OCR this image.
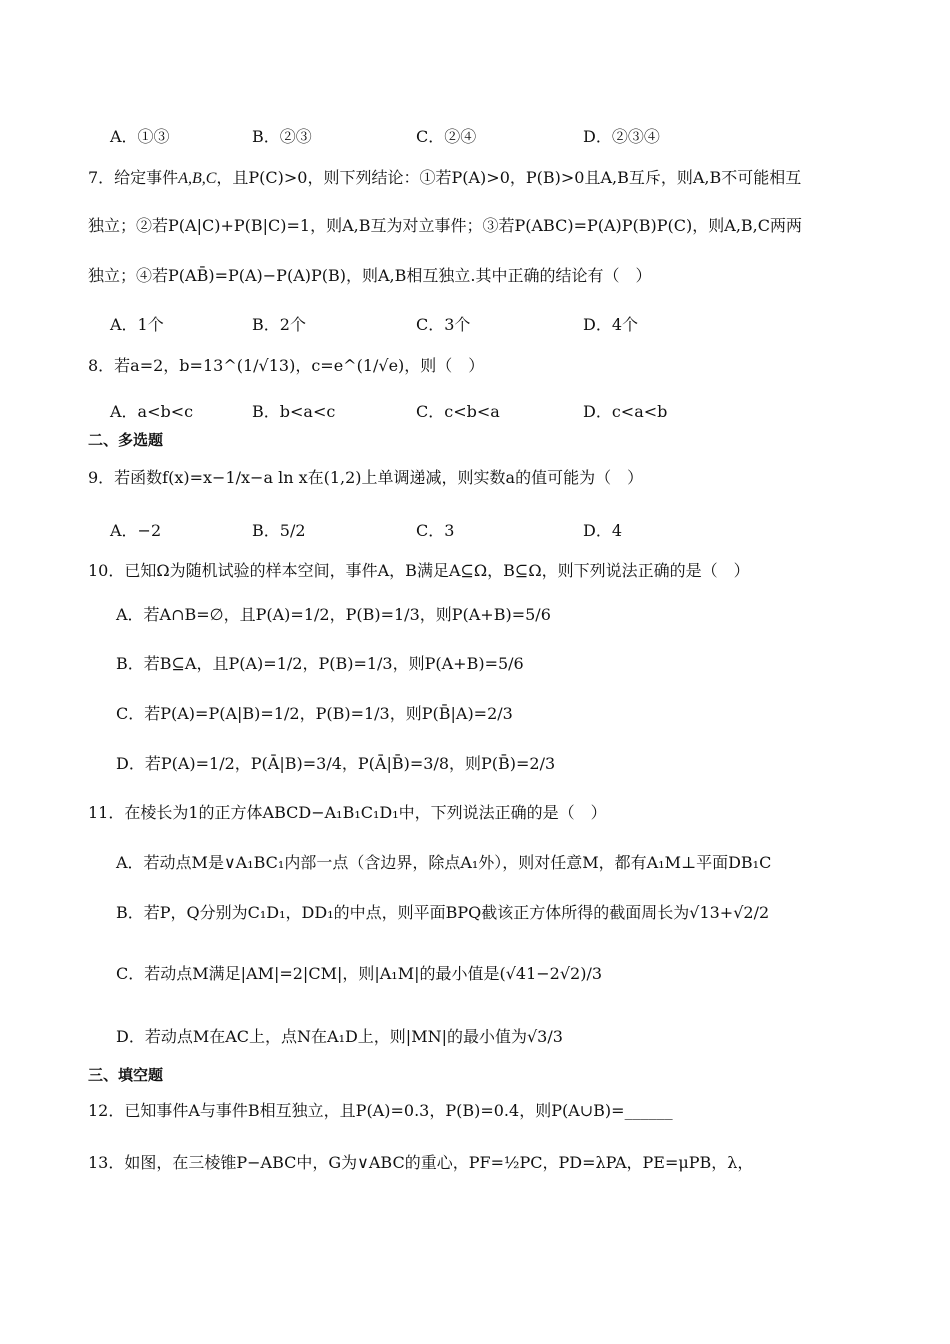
A．①③	B．②③	C．②④	D．②③④
7．给定事件A,B,C，且P(C)>0，则下列结论：①若P(A)>0，P(B)>0且A,B互斥，则A,B不可能相互
独立；②若P(A|C)+P(B|C)=1，则A,B互为对立事件；③若P(ABC)=P(A)P(B)P(C)，则A,B,C两两
独立；④若P(AB̄)=P(A)−P(A)P(B)，则A,B相互独立.其中正确的结论有（　）
A．1个	B．2个	C．3个	D．4个
8．若a=2，b=13^(1/√13)，c=e^(1/√e)，则（　）
A．a<b<c	B．b<a<c	C．c<b<a	D．c<a<b
二、多选题
9．若函数f(x)=x−1/x−a ln x在(1,2)上单调递减，则实数a的值可能为（　）
A．−2	B．5/2	C．3	D．4
10．已知Ω为随机试验的样本空间，事件A，B满足A⊆Ω，B⊆Ω，则下列说法正确的是（　）
A．若A∩B=∅，且P(A)=1/2，P(B)=1/3，则P(A+B)=5/6
B．若B⊆A，且P(A)=1/2，P(B)=1/3，则P(A+B)=5/6
C．若P(A)=P(A|B)=1/2，P(B)=1/3，则P(B̄|A)=2/3
D．若P(A)=1/2，P(Ā|B)=3/4，P(Ā|B̄)=3/8，则P(B̄)=2/3
11．在棱长为1的正方体ABCD−A₁B₁C₁D₁中，下列说法正确的是（　）
A．若动点M是∨A₁BC₁内部一点（含边界，除点A₁外），则对任意M，都有A₁M⊥平面DB₁C
B．若P，Q分别为C₁D₁，DD₁的中点，则平面BPQ截该正方体所得的截面周长为√13+√2/2
C．若动点M满足|AM|=2|CM|，则|A₁M|的最小值是(√41−2√2)/3
D．若动点M在AC上，点N在A₁D上，则|MN|的最小值为√3/3
三、填空题
12．已知事件A与事件B相互独立，且P(A)=0.3，P(B)=0.4，则P(A∪B)=______
13．如图，在三棱锥P−ABC中，G为∨ABC的重心，PF=½PC，PD=λPA，PE=μPB，λ，
